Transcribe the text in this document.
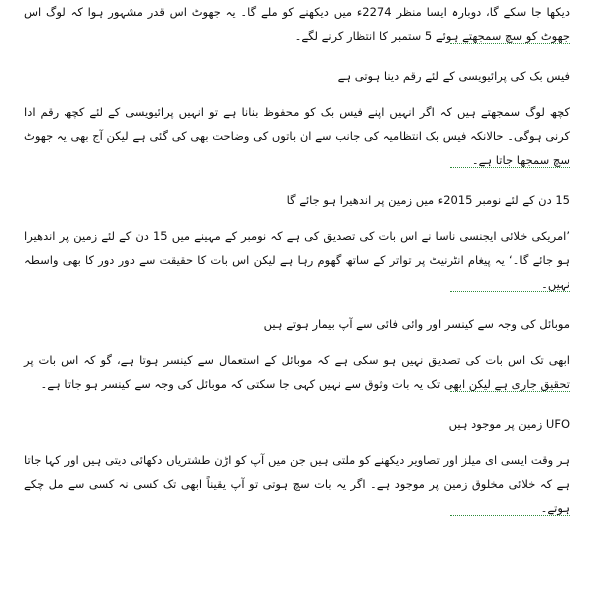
دیکھا جا سکے گا، دوبارہ ایسا منظر 2274ء میں دیکھنے کو ملے گا۔ یہ جھوٹ اس قدر مشہور ہوا کہ لوگ اس جھوٹ کو سچ سمجھتے ہوئے 5 ستمبر کا انتظار کرنے لگے۔

فیس بک کی پرائیویسی کے لئے رقم دینا ہوتی ہے

کچھ لوگ سمجھتے ہیں کہ اگر انہیں اپنے فیس بک کو محفوظ بنانا ہے تو انہیں پرائیویسی کے لئے کچھ رقم ادا کرنی ہوگی۔ حالانکہ فیس بک انتظامیہ کی جانب سے ان باتوں کی وضاحت بھی کی گئی ہے لیکن آج بھی یہ جھوٹ سچ سمجھا جاتا ہے۔

15 دن کے لئے نومبر 2015ء میں زمین پر اندھیرا ہو جائے گا

’امریکی خلائی ایجنسی ناسا نے اس بات کی تصدیق کی ہے کہ نومبر کے مہینے میں 15 دن کے لئے زمین پر اندھیرا ہو جائے گا۔‘ یہ پیغام انٹرنیٹ پر تواتر کے ساتھ گھوم رہا ہے لیکن اس بات کا حقیقت سے دور دور کا بھی واسطہ نہیں۔

موبائل کی وجہ سے کینسر اور وائی فائی سے آپ بیمار ہوتے ہیں

ابھی تک اس بات کی تصدیق نہیں ہو سکی ہے کہ موبائل کے استعمال سے کینسر ہوتا ہے، گو کہ اس بات پر تحقیق جاری ہے لیکن ابھی تک یہ بات وثوق سے نہیں کہی جا سکتی کہ موبائل کی وجہ سے کینسر ہو جاتا ہے۔

UFO زمین پر موجود ہیں

ہر وقت ایسی ای میلز اور تصاویر دیکھنے کو ملتی ہیں جن میں آپ کو اڑن طشتریاں دکھائی دیتی ہیں اور کہا جاتا ہے کہ خلائی مخلوق زمین پر موجود ہے۔ اگر یہ بات سچ ہوتی تو آپ یقیناً ابھی تک کسی نہ کسی سے مل چکے ہوتے۔
